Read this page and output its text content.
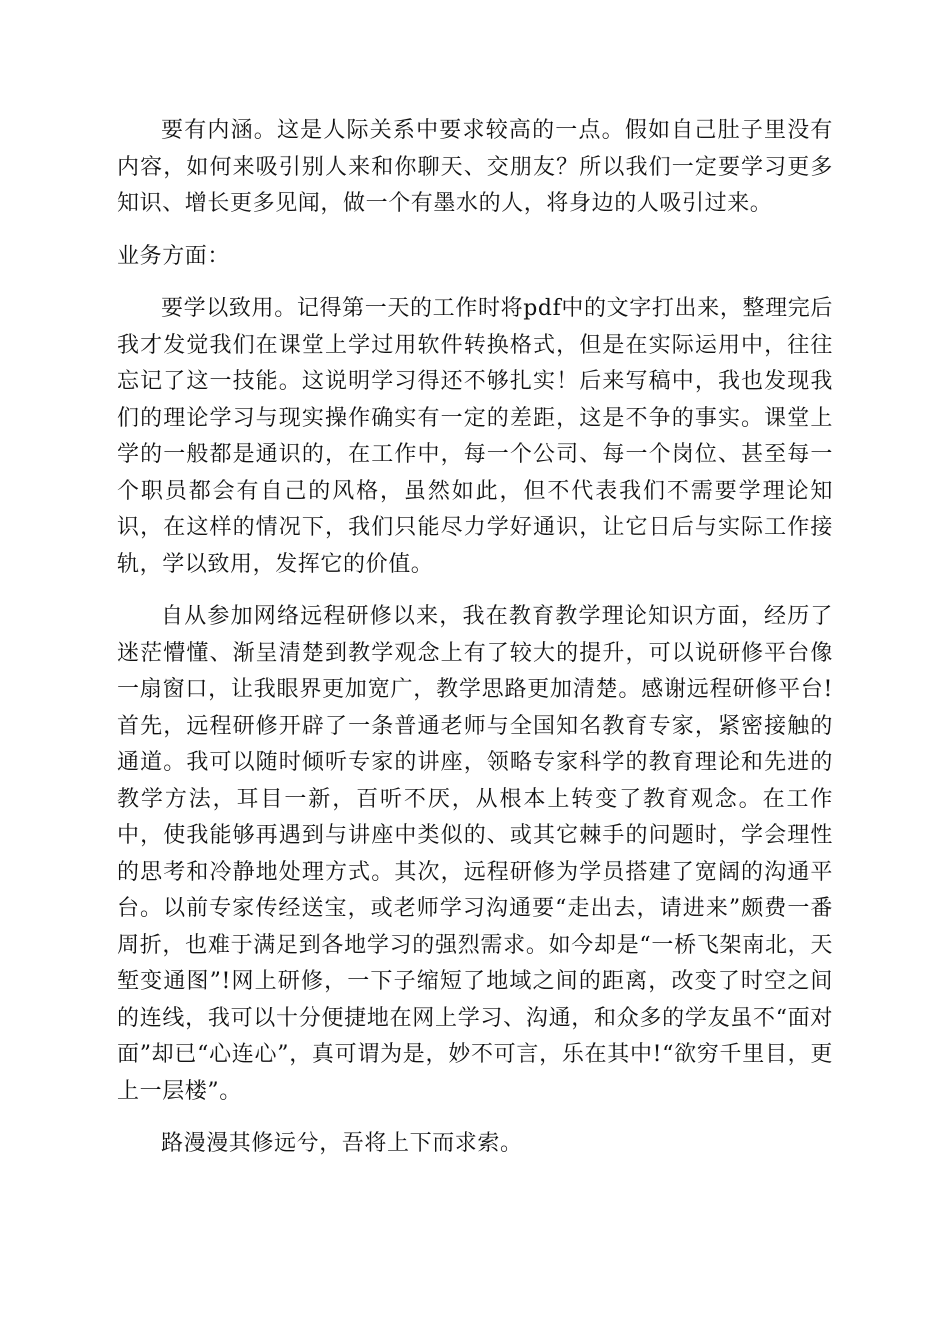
要有内涵。这是人际关系中要求较高的一点。假如自己肚子里没有内容，如何来吸引别人来和你聊天、交朋友？所以我们一定要学习更多知识、增长更多见闻，做一个有墨水的人，将身边的人吸引过来。

业务方面：

要学以致用。记得第一天的工作时将pdf中的文字打出来，整理完后我才发觉我们在课堂上学过用软件转换格式，但是在实际运用中，往往忘记了这一技能。这说明学习得还不够扎实！后来写稿中，我也发现我们的理论学习与现实操作确实有一定的差距，这是不争的事实。课堂上学的一般都是通识的，在工作中，每一个公司、每一个岗位、甚至每一个职员都会有自己的风格，虽然如此，但不代表我们不需要学理论知识，在这样的情况下，我们只能尽力学好通识，让它日后与实际工作接轨，学以致用，发挥它的价值。

自从参加网络远程研修以来，我在教育教学理论知识方面，经历了迷茫懵懂、渐呈清楚到教学观念上有了较大的提升，可以说研修平台像一扇窗口，让我眼界更加宽广，教学思路更加清楚。感谢远程研修平台!首先，远程研修开辟了一条普通老师与全国知名教育专家，紧密接触的通道。我可以随时倾听专家的讲座，领略专家科学的教育理论和先进的教学方法，耳目一新，百听不厌，从根本上转变了教育观念。在工作中，使我能够再遇到与讲座中类似的、或其它棘手的问题时，学会理性的思考和冷静地处理方式。其次，远程研修为学员搭建了宽阔的沟通平台。以前专家传经送宝，或老师学习沟通要“走出去，请进来”颇费一番周折，也难于满足到各地学习的强烈需求。如今却是“一桥飞架南北，天堑变通图”!网上研修，一下子缩短了地域之间的距离，改变了时空之间的连线，我可以十分便捷地在网上学习、沟通，和众多的学友虽不“面对面”却已“心连心”，真可谓为是，妙不可言，乐在其中!“欲穷千里目，更上一层楼”。

路漫漫其修远兮，吾将上下而求索。
